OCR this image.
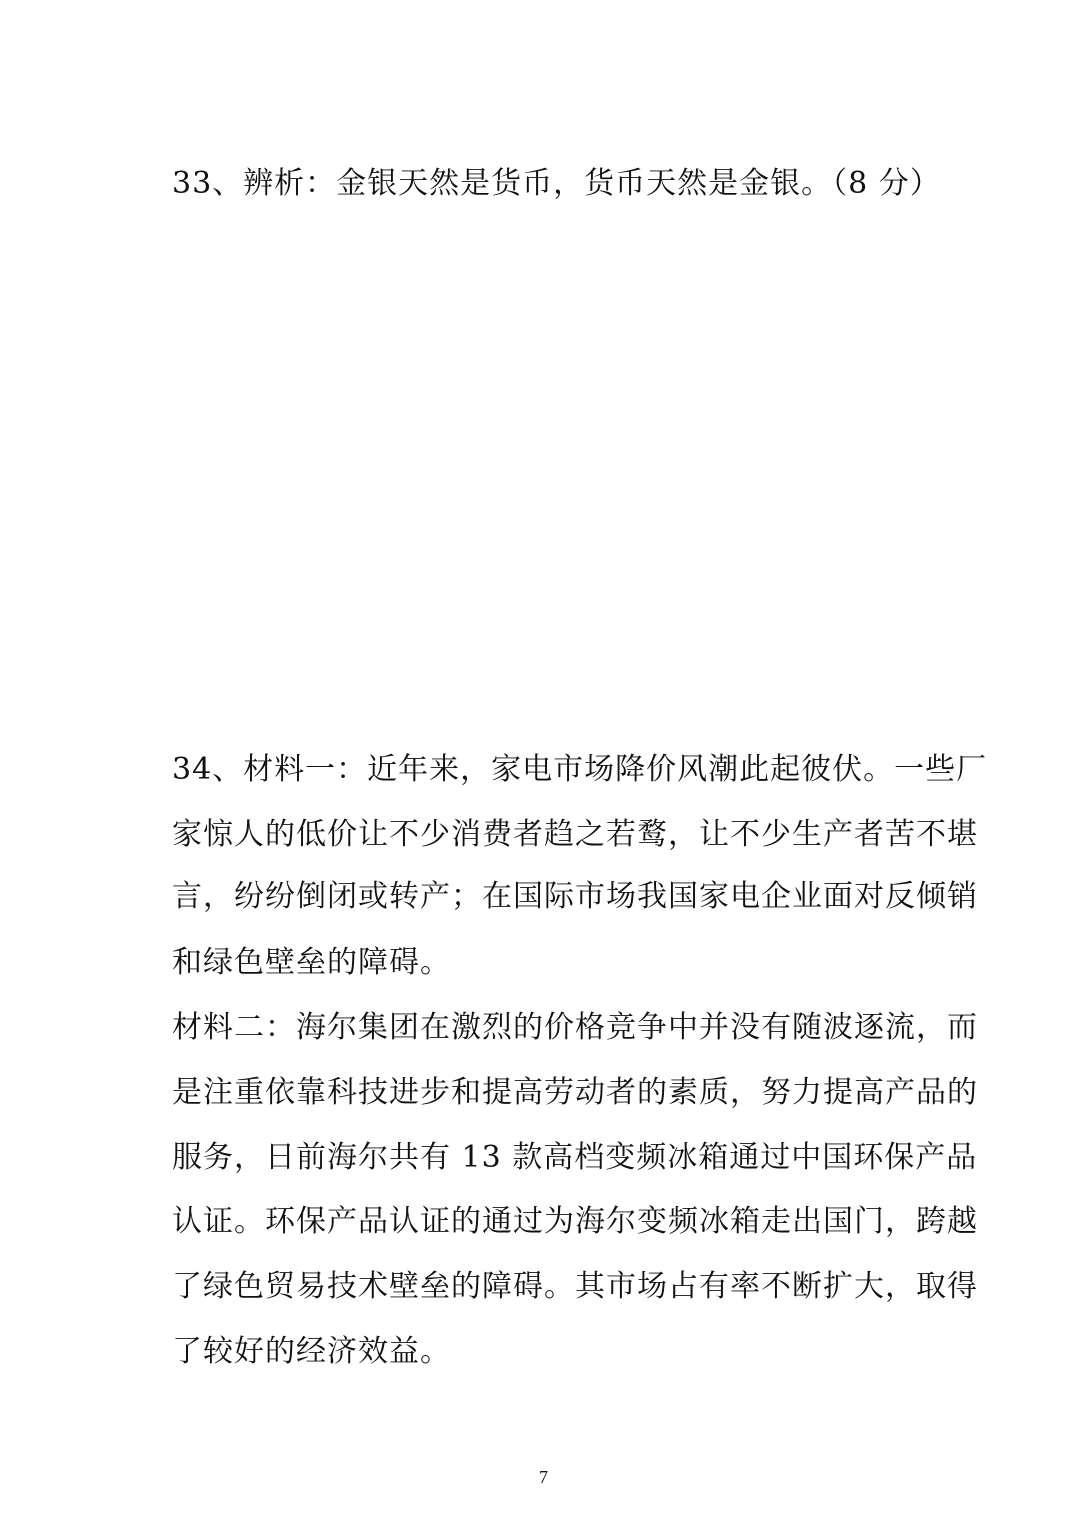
33、辨析：金银天然是货币，货币天然是金银。（8 分）
34、材料一：近年来，家电市场降价风潮此起彼伏。一些厂
家惊人的低价让不少消费者趋之若鹜，让不少生产者苦不堪
言，纷纷倒闭或转产；在国际市场我国家电企业面对反倾销
和绿色壁垒的障碍。
材料二：海尔集团在激烈的价格竞争中并没有随波逐流，而
是注重依靠科技进步和提高劳动者的素质，努力提高产品的
服务，日前海尔共有 13 款高档变频冰箱通过中国环保产品
认证。环保产品认证的通过为海尔变频冰箱走出国门，跨越
了绿色贸易技术壁垒的障碍。其市场占有率不断扩大，取得
了较好的经济效益。
7
